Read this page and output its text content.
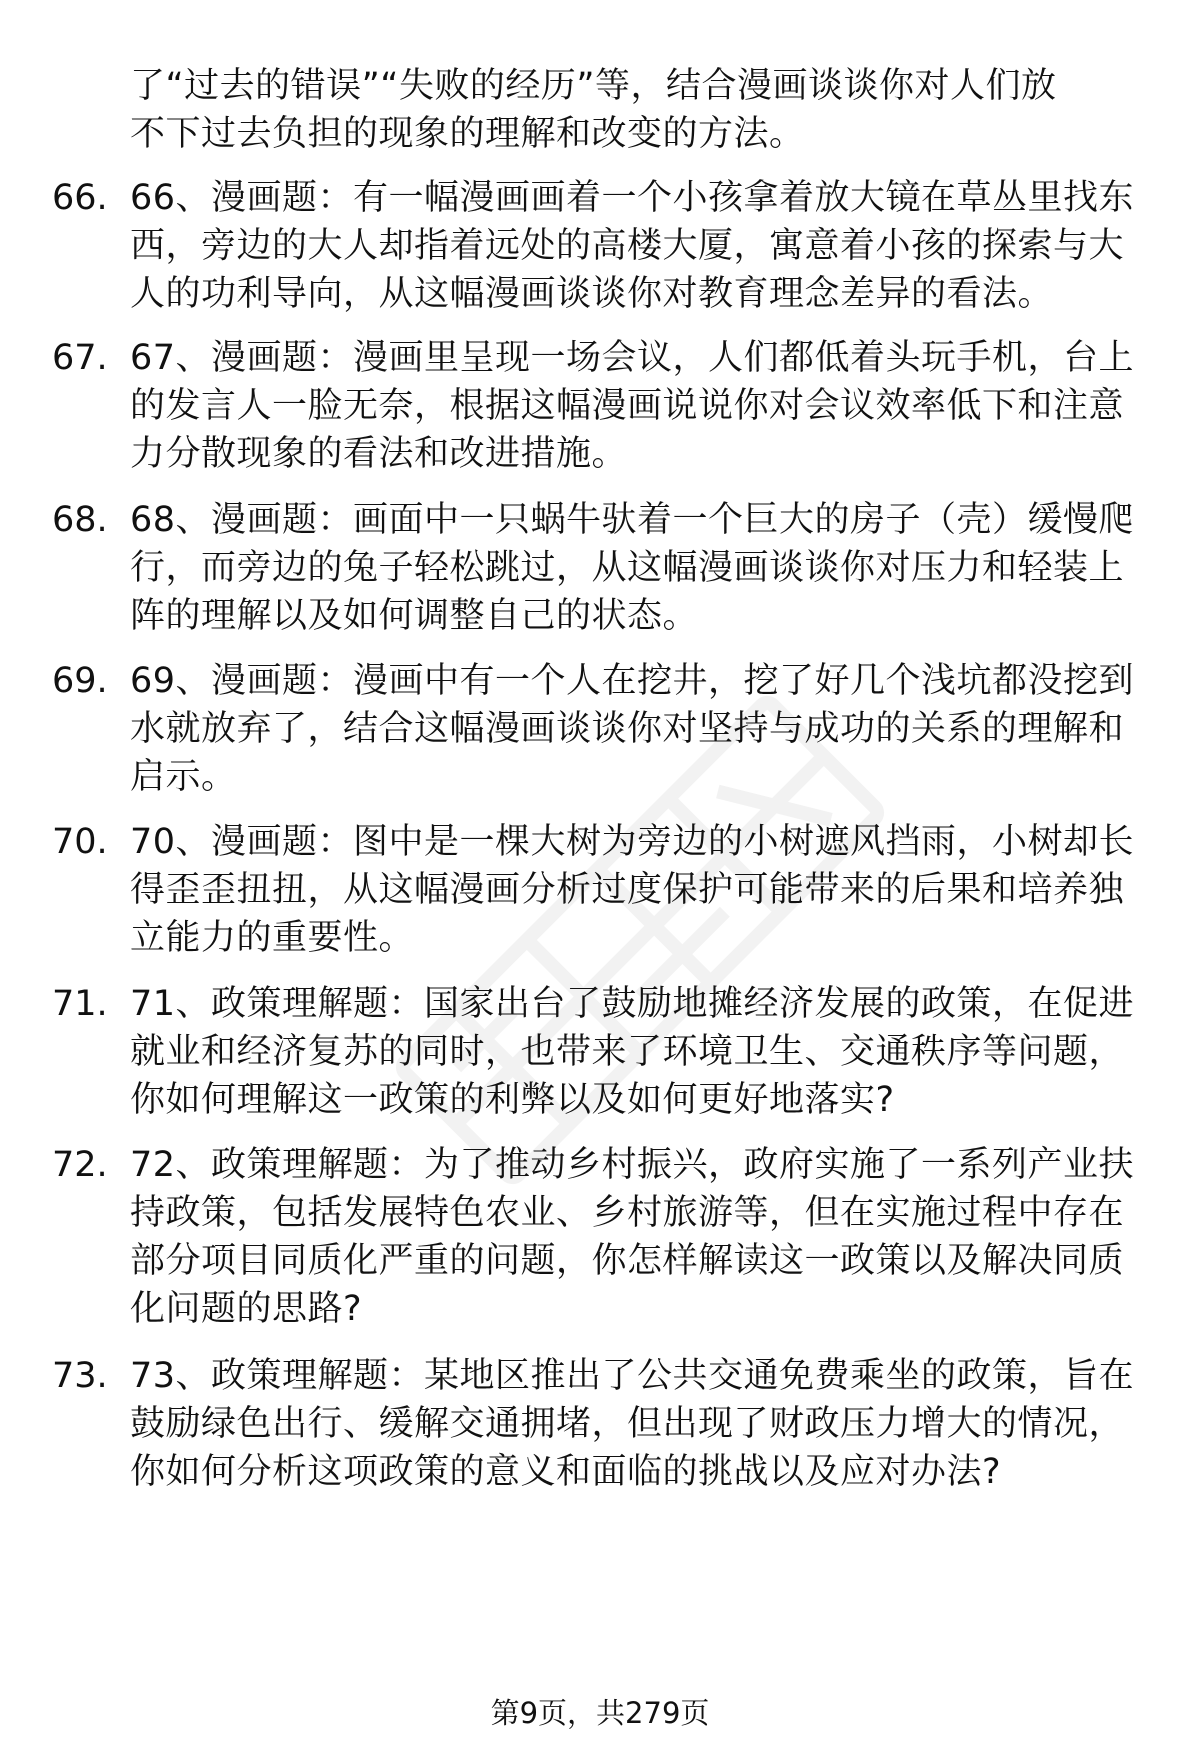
了“过去的错误”“失败的经历”等，结合漫画谈谈你对人们放
不下过去负担的现象的理解和改变的方法。
66. 66、漫画题：有一幅漫画画着一个小孩拿着放大镜在草丛里找东
西，旁边的大人却指着远处的高楼大厦，寓意着小孩的探索与大
人的功利导向，从这幅漫画谈谈你对教育理念差异的看法。
67. 67、漫画题：漫画里呈现一场会议，人们都低着头玩手机，台上
的发言人一脸无奈，根据这幅漫画说说你对会议效率低下和注意
力分散现象的看法和改进措施。
68. 68、漫画题：画面中一只蜗牛驮着一个巨大的房子（壳）缓慢爬
行，而旁边的兔子轻松跳过，从这幅漫画谈谈你对压力和轻装上
阵的理解以及如何调整自己的状态。
69. 69、漫画题：漫画中有一个人在挖井，挖了好几个浅坑都没挖到
水就放弃了，结合这幅漫画谈谈你对坚持与成功的关系的理解和
启示。
70. 70、漫画题：图中是一棵大树为旁边的小树遮风挡雨，小树却长
得歪歪扭扭，从这幅漫画分析过度保护可能带来的后果和培养独
立能力的重要性。
71. 71、政策理解题：国家出台了鼓励地摊经济发展的政策，在促进
就业和经济复苏的同时，也带来了环境卫生、交通秩序等问题，
你如何理解这一政策的利弊以及如何更好地落实?
72. 72、政策理解题：为了推动乡村振兴，政府实施了一系列产业扶
持政策，包括发展特色农业、乡村旅游等，但在实施过程中存在
部分项目同质化严重的问题，你怎样解读这一政策以及解决同质
化问题的思路?
73. 73、政策理解题：某地区推出了公共交通免费乘坐的政策，旨在
鼓励绿色出行、缓解交通拥堵，但出现了财政压力增大的情况，
你如何分析这项政策的意义和面临的挑战以及应对办法?
第9页，共279页
